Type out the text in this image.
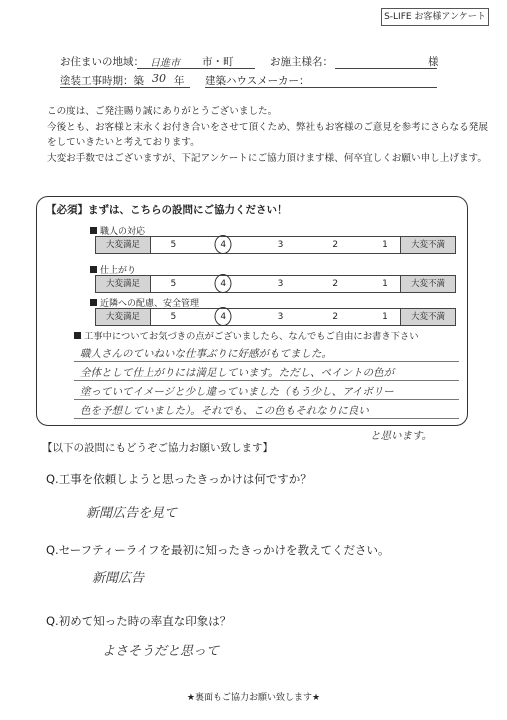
S-LIFE お客様アンケート
お住まいの地域： 日進市 市・町	お施主様名：	様
塗装工事時期：築 30 年 建築ハウスメーカー：
この度は、ご発注賜り誠にありがとうございました。
今後とも、お客様と末永くお付き合いをさせて頂くため、弊社もお客様のご意見を参考にさらなる発展
をしていきたいと考えております。
大変お手数ではございますが、下記アンケートにご協力頂けます様、何卒宜しくお願い申し上げます。
【必須】まずは、こちらの設問にご協力ください！
職人の対応
大変満足	5	4	3	2	1	大変不満
仕上がり
大変満足	5	4	3	2	1	大変不満
近隣への配慮、安全管理
大変満足	5	4	3	2	1	大変不満
工事中についてお気づきの点がございましたら、なんでもご自由にお書き下さい
職人さんのていねいな仕事ぶりに好感がもてました。
全体として仕上がりには満足しています。ただし、ペイントの色が
塗っていてイメージと少し違っていました（もう少し、アイボリー
色を予想していました）。それでも、この色もそれなりに良い
と思います。
【以下の設問にもどうぞご協力お願い致します】
Q.工事を依頼しようと思ったきっかけは何ですか？
新聞広告を見て
Q.セーフティーライフを最初に知ったきっかけを教えてください。
新聞広告
Q.初めて知った時の率直な印象は？
よさそうだと思って
★裏面もご協力お願い致します★
